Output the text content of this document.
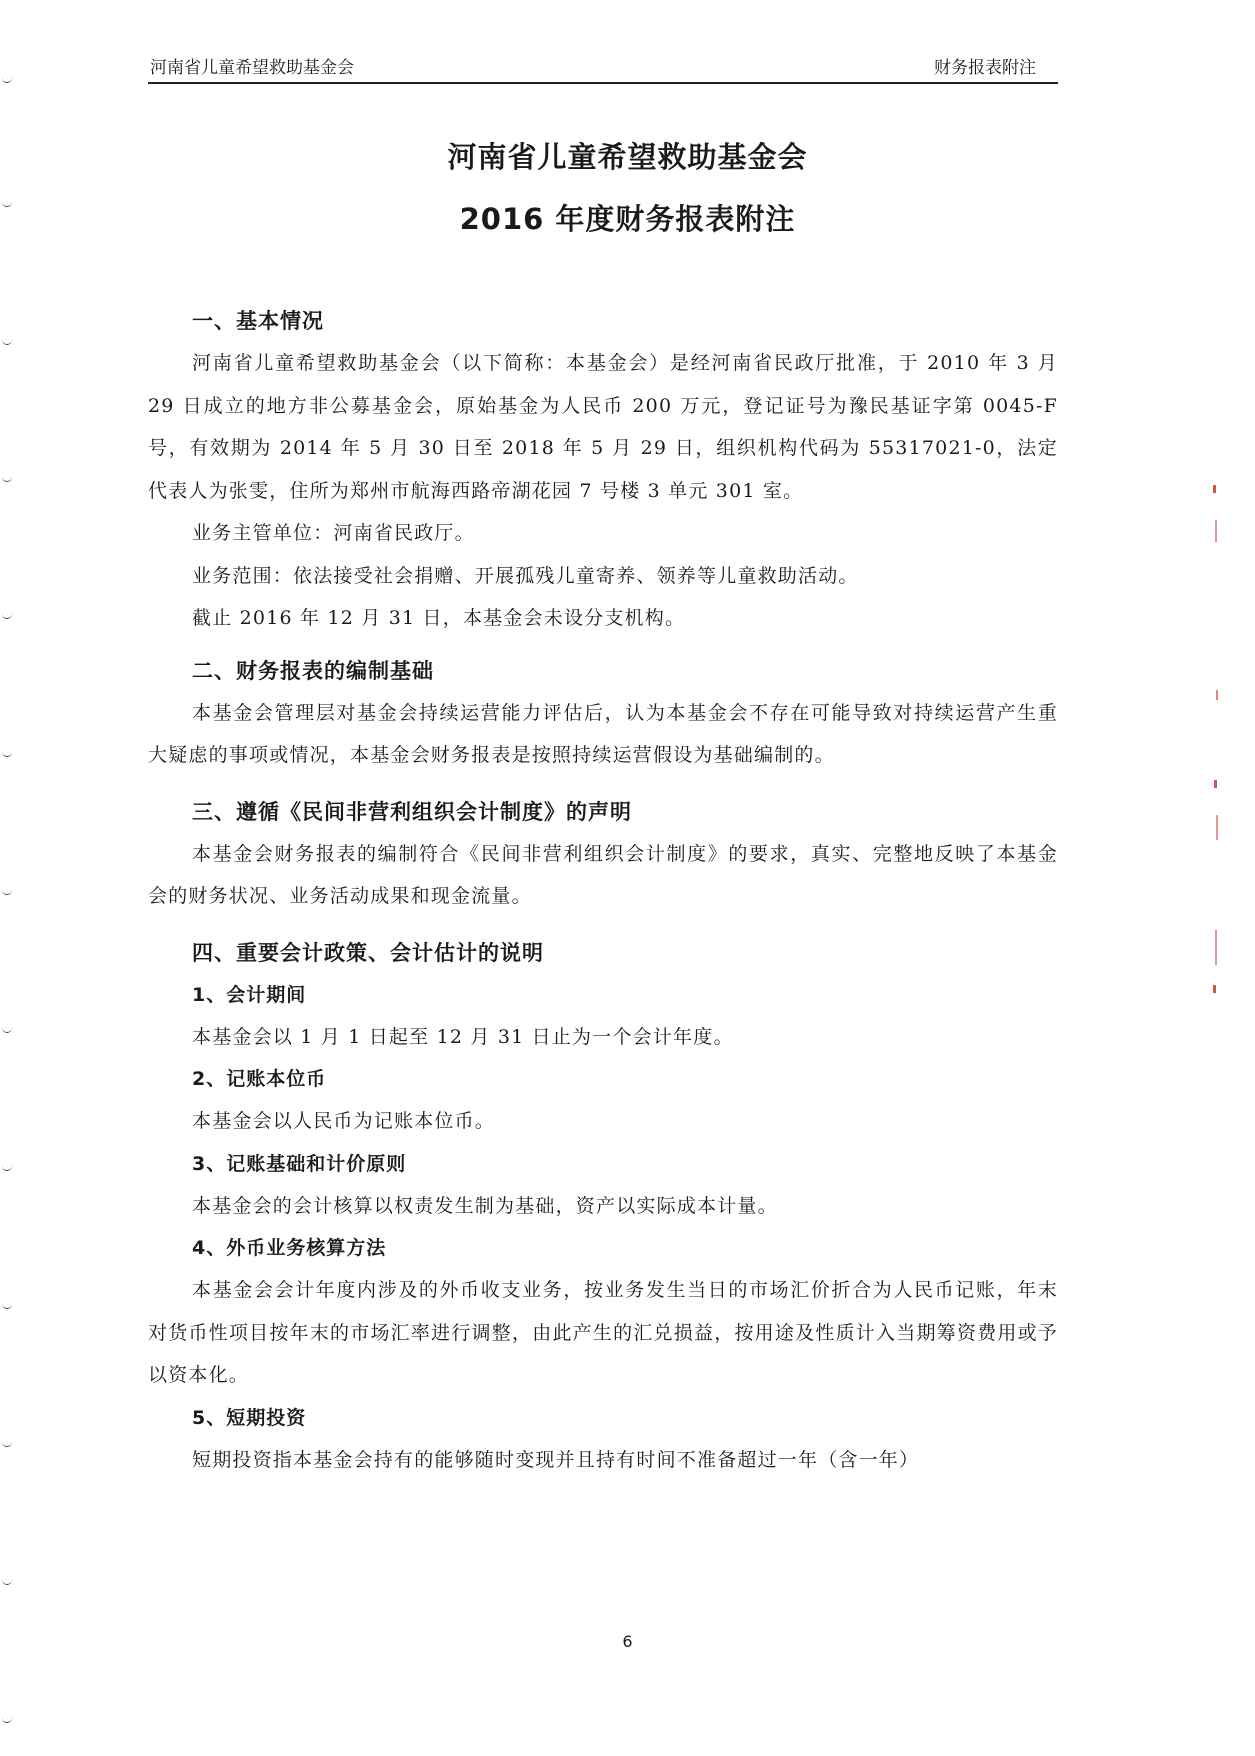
河南省儿童希望救助基金会	财务报表附注
河南省儿童希望救助基金会
2016 年度财务报表附注

一、基本情况

河南省儿童希望救助基金会（以下简称：本基金会）是经河南省民政厅批准，于 2010 年 3 月 29 日成立的地方非公募基金会，原始基金为人民币 200 万元，登记证号为豫民基证字第 0045-F 号，有效期为 2014 年 5 月 30 日至 2018 年 5 月 29 日，组织机构代码为 55317021-0，法定代表人为张雯，住所为郑州市航海西路帝湖花园 7 号楼 3 单元 301 室。

业务主管单位：河南省民政厅。

业务范围：依法接受社会捐赠、开展孤残儿童寄养、领养等儿童救助活动。

截止 2016 年 12 月 31 日，本基金会未设分支机构。

二、财务报表的编制基础

本基金会管理层对基金会持续运营能力评估后，认为本基金会不存在可能导致对持续运营产生重大疑虑的事项或情况，本基金会财务报表是按照持续运营假设为基础编制的。

三、遵循《民间非营利组织会计制度》的声明

本基金会财务报表的编制符合《民间非营利组织会计制度》的要求，真实、完整地反映了本基金会的财务状况、业务活动成果和现金流量。

四、重要会计政策、会计估计的说明

1、会计期间

本基金会以 1 月 1 日起至 12 月 31 日止为一个会计年度。

2、记账本位币

本基金会以人民币为记账本位币。

3、记账基础和计价原则

本基金会的会计核算以权责发生制为基础，资产以实际成本计量。

4、外币业务核算方法

本基金会会计年度内涉及的外币收支业务，按业务发生当日的市场汇价折合为人民币记账，年末对货币性项目按年末的市场汇率进行调整，由此产生的汇兑损益，按用途及性质计入当期筹资费用或予以资本化。

5、短期投资

短期投资指本基金会持有的能够随时变现并且持有时间不准备超过一年（含一年）

6
